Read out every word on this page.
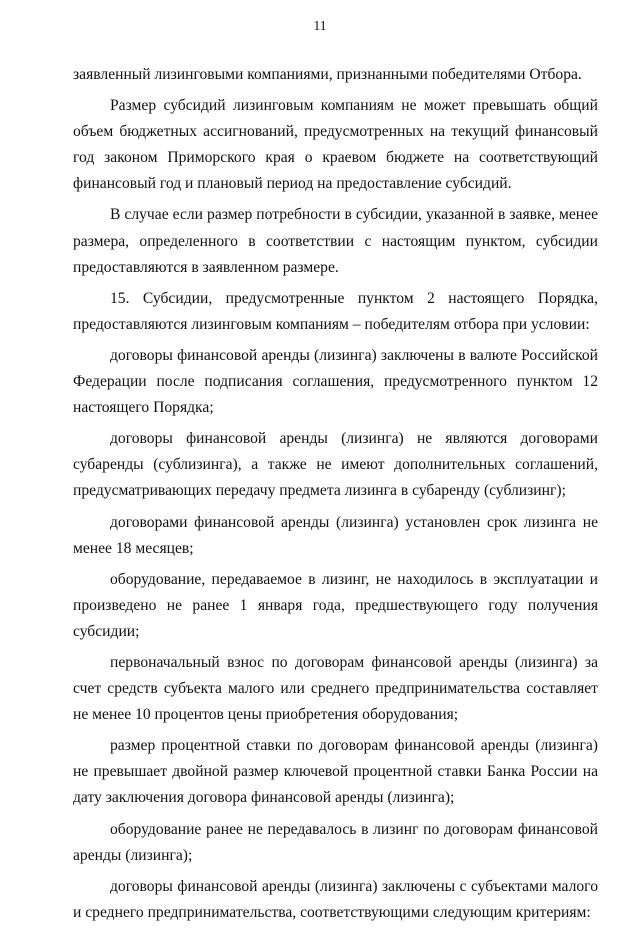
11

заявленный лизинговыми компаниями, признанными победителями Отбора.

Размер субсидий лизинговым компаниям не может превышать общий объем бюджетных ассигнований, предусмотренных на текущий финансовый год законом Приморского края о краевом бюджете на соответствующий финансовый год и плановый период на предоставление субсидий.

В случае если размер потребности в субсидии, указанной в заявке, менее размера, определенного в соответствии с настоящим пунктом, субсидии предоставляются в заявленном размере.

15. Субсидии, предусмотренные пунктом 2 настоящего Порядка, предоставляются лизинговым компаниям – победителям отбора при условии:

договоры финансовой аренды (лизинга) заключены в валюте Российской Федерации после подписания соглашения, предусмотренного пунктом 12 настоящего Порядка;

договоры финансовой аренды (лизинга) не являются договорами субаренды (сублизинга), а также не имеют дополнительных соглашений, предусматривающих передачу предмета лизинга в субаренду (сублизинг);

договорами финансовой аренды (лизинга) установлен срок лизинга не менее 18 месяцев;

оборудование, передаваемое в лизинг, не находилось в эксплуатации и произведено не ранее 1 января года, предшествующего году получения субсидии;

первоначальный взнос по договорам финансовой аренды (лизинга) за счет средств субъекта малого или среднего предпринимательства составляет не менее 10 процентов цены приобретения оборудования;

размер процентной ставки по договорам финансовой аренды (лизинга) не превышает двойной размер ключевой процентной ставки Банка России на дату заключения договора финансовой аренды (лизинга);

оборудование ранее не передавалось в лизинг по договорам финансовой аренды (лизинга);

договоры финансовой аренды (лизинга) заключены с субъектами малого и среднего предпринимательства, соответствующими следующим критериям:
